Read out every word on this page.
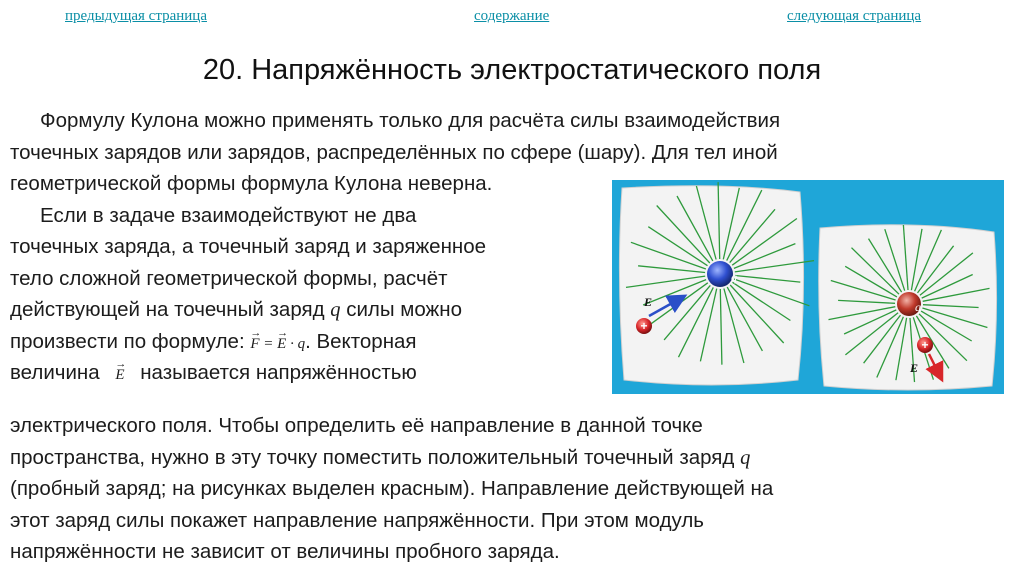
предыдущая страница	содержание	следующая страница
20. Напряжённость электростатического поля
Формулу Кулона можно применять только для расчёта силы взаимодействия
точечных зарядов или зарядов, распределённых по сфере (шару). Для тел иной
геометрической формы формула Кулона неверна.
Если в задаче взаимодействуют не два
точечных заряда, а точечный заряд и заряженное
тело сложной геометрической формы, расчёт
действующей на точечный заряд q силы можно
произвести по формуле: → F = → E · q. Векторная
величина → E называется напряжённостью
электрического поля. Чтобы определить её направление в данной точке
пространства, нужно в эту точку поместить положительный точечный заряд q
(пробный заряд; на рисунках выделен красным). Направление действующей на
этот заряд силы покажет направление напряжённости. При этом модуль
напряжённости не зависит от величины пробного заряда.
q
E
+
q
+
E
